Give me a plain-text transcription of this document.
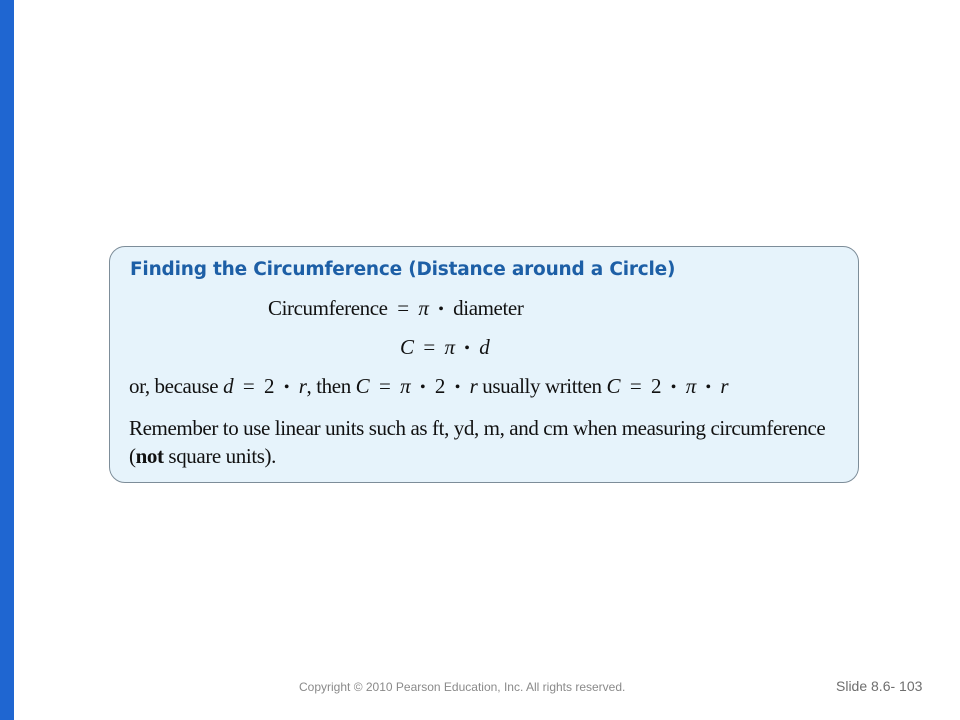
Finding the Circumference (Distance around a Circle)
Circumference = π • diameter
C = π • d
or, because d = 2 • r, then C = π • 2 • r usually written C = 2 • π • r
Remember to use linear units such as ft, yd, m, and cm when measuring circumference (not square units).
Copyright © 2010 Pearson Education, Inc. All rights reserved.	Slide 8.6- 103
